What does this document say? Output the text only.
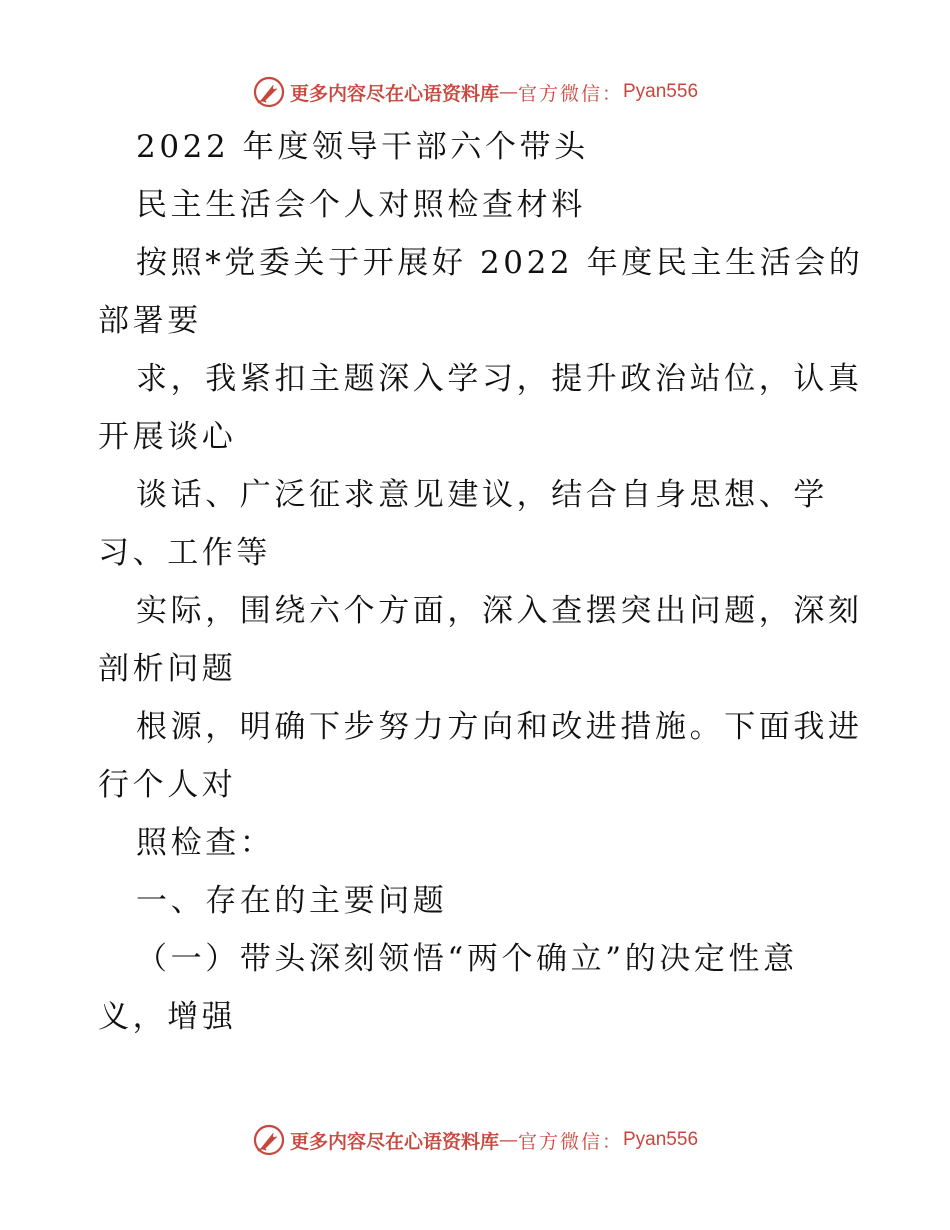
更多内容尽在心语资料库 — 官方微信： Pyan556
2022 年度领导干部六个带头
民主生活会个人对照检查材料
按照*党委关于开展好 2022 年度民主生活会的
部署要
求，我紧扣主题深入学习，提升政治站位，认真
开展谈心
谈话、广泛征求意见建议，结合自身思想、学
习、工作等
实际，围绕六个方面，深入查摆突出问题，深刻
剖析问题
根源，明确下步努力方向和改进措施。下面我进
行个人对
照检查：
一、存在的主要问题
（一）带头深刻领悟“两个确立”的决定性意
义，增强
更多内容尽在心语资料库 — 官方微信： Pyan556
